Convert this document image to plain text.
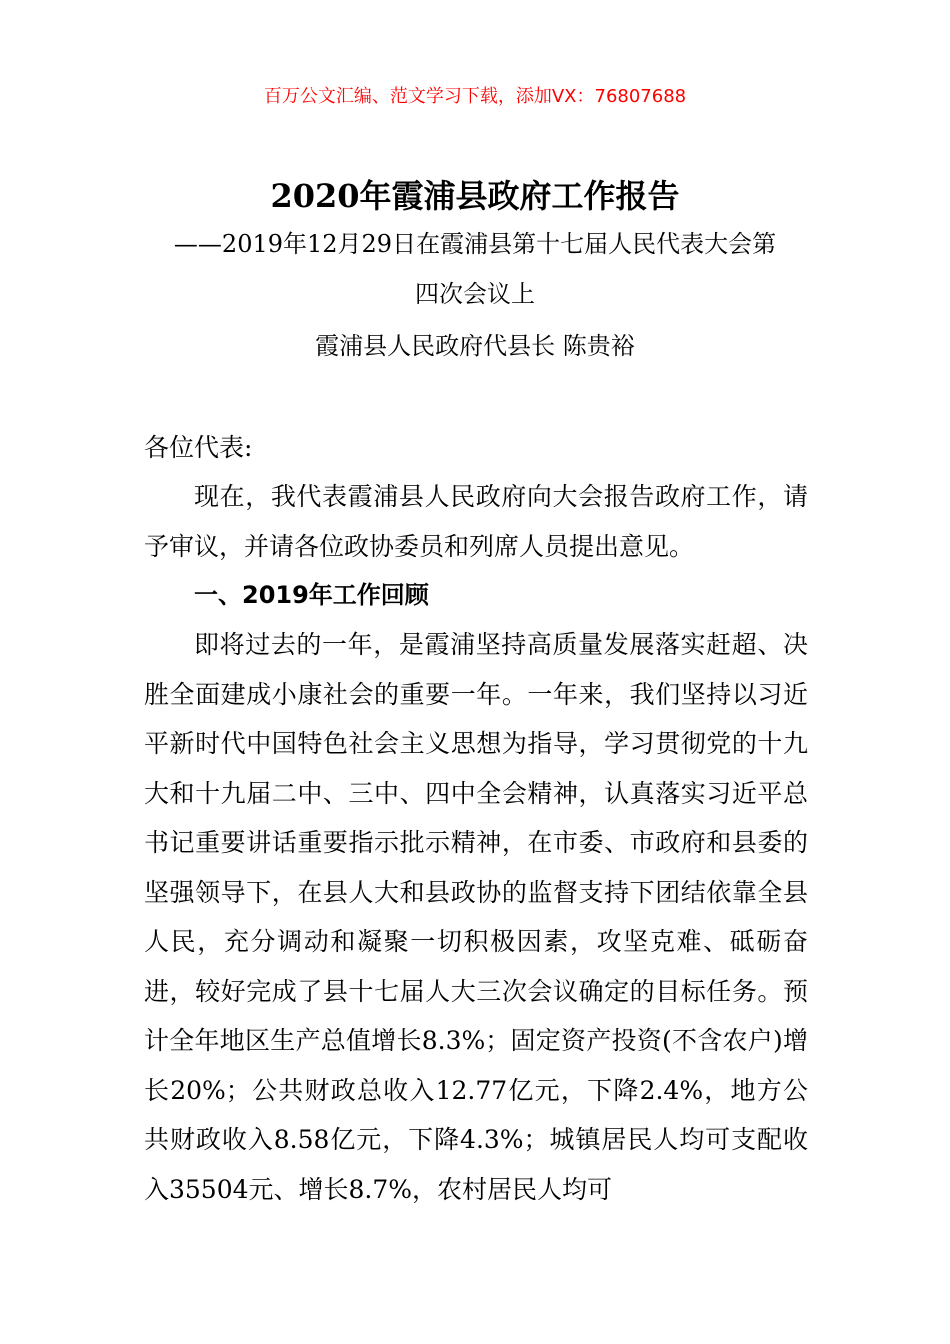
百万公文汇编、范文学习下载，添加VX：76807688
2020年霞浦县政府工作报告
——2019年12月29日在霞浦县第十七届人民代表大会第
四次会议上
霞浦县人民政府代县长 陈贵裕
各位代表:
现在，我代表霞浦县人民政府向大会报告政府工作，请予审议，并请各位政协委员和列席人员提出意见。
一、2019年工作回顾
即将过去的一年，是霞浦坚持高质量发展落实赶超、决胜全面建成小康社会的重要一年。一年来，我们坚持以习近平新时代中国特色社会主义思想为指导，学习贯彻党的十九大和十九届二中、三中、四中全会精神，认真落实习近平总书记重要讲话重要指示批示精神，在市委、市政府和县委的坚强领导下，在县人大和县政协的监督支持下团结依靠全县人民，充分调动和凝聚一切积极因素，攻坚克难、砥砺奋进，较好完成了县十七届人大三次会议确定的目标任务。预计全年地区生产总值增长8.3%；固定资产投资(不含农户)增长20%；公共财政总收入12.77亿元，下降2.4%，地方公共财政收入8.58亿元，下降4.3%；城镇居民人均可支配收入35504元、增长8.7%，农村居民人均可
